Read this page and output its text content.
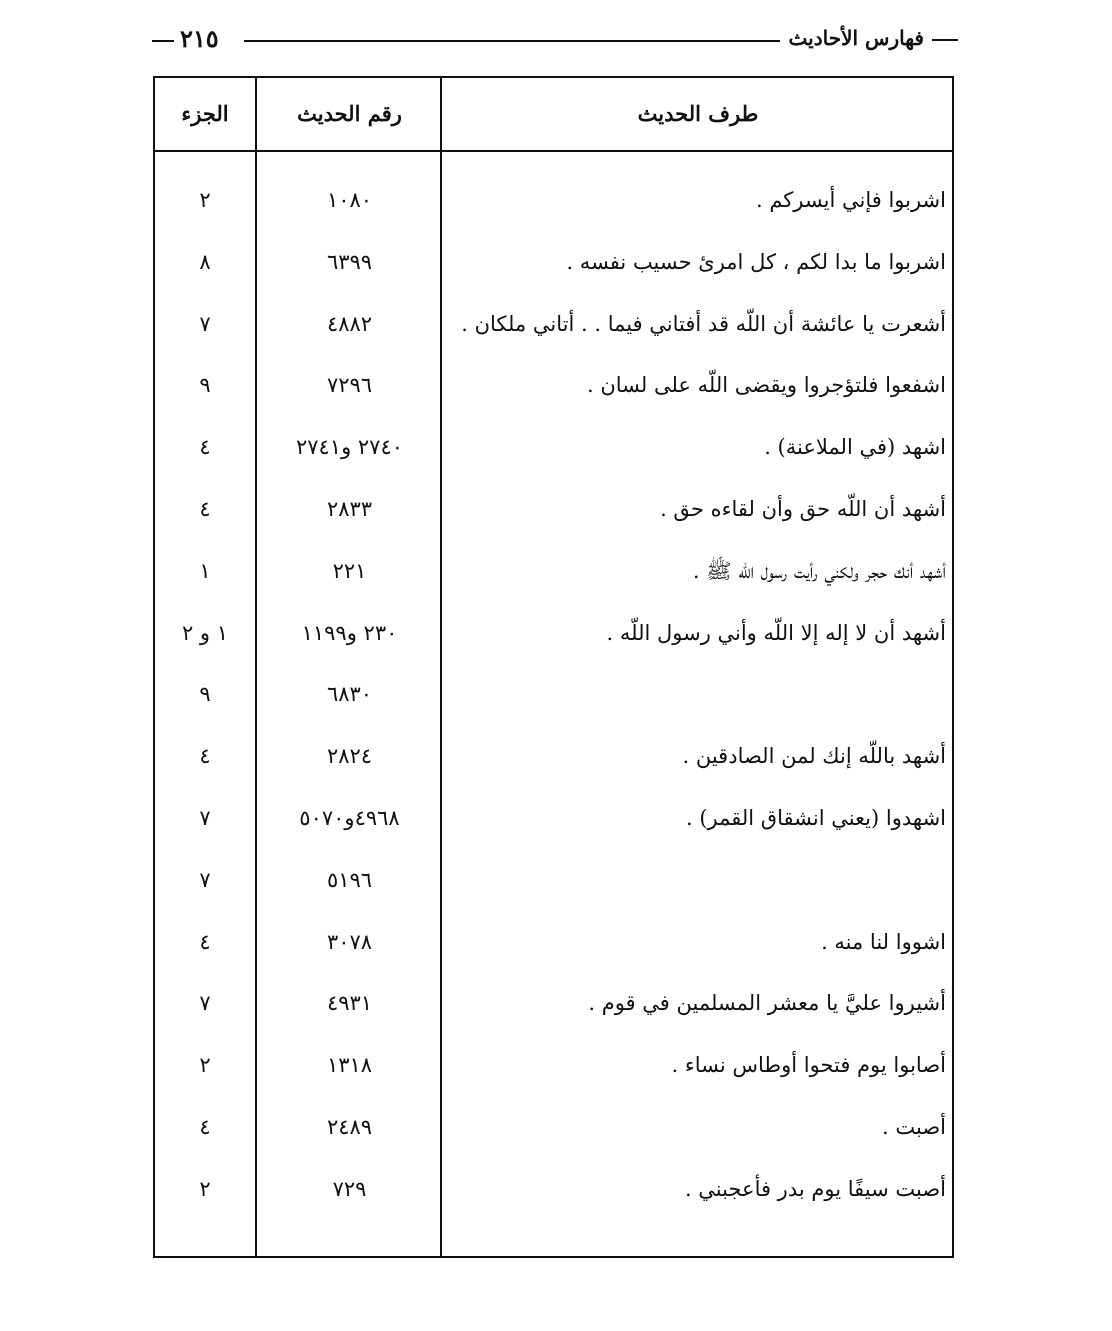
فهارس الأحاديث
٢١٥
طرف الحديث
رقم الحديث
الجزء
اشربوا فإني أيسركم .
١٠٨٠
٢
اشربوا ما بدا لكم ، كل امرئ حسيب نفسه .
٦٣٩٩
٨
أشعرت يا عائشة أن اللّه قد أفتاني فيما . . أتاني ملكان .
٤٨٨٢
٧
اشفعوا فلتؤجروا ويقضى اللّه على لسان .
٧٢٩٦
٩
اشهد (في الملاعنة) .
٢٧٤٠ و٢٧٤١
٤
أشهد أن اللّه حق وأن لقاءه حق .
٢٨٣٣
٤
أشهد أنك حجر ولكني رأيت رسول اللّه ﷺ .
٢٢١
١
أشهد أن لا إله إلا اللّه وأني رسول اللّه .
٢٣٠ و١١٩٩
١ و ٢
٦٨٣٠
٩
أشهد باللّه إنك لمن الصادقين .
٢٨٢٤
٤
اشهدوا (يعني انشقاق القمر) .
٤٩٦٨و٥٠٧٠
٧
٥١٩٦
٧
اشووا لنا منه .
٣٠٧٨
٤
أشيروا عليَّ يا معشر المسلمين في قوم .
٤٩٣١
٧
أصابوا يوم فتحوا أوطاس نساء .
١٣١٨
٢
أصبت .
٢٤٨٩
٤
أصبت سيفًا يوم بدر فأعجبني .
٧٢٩
٢
